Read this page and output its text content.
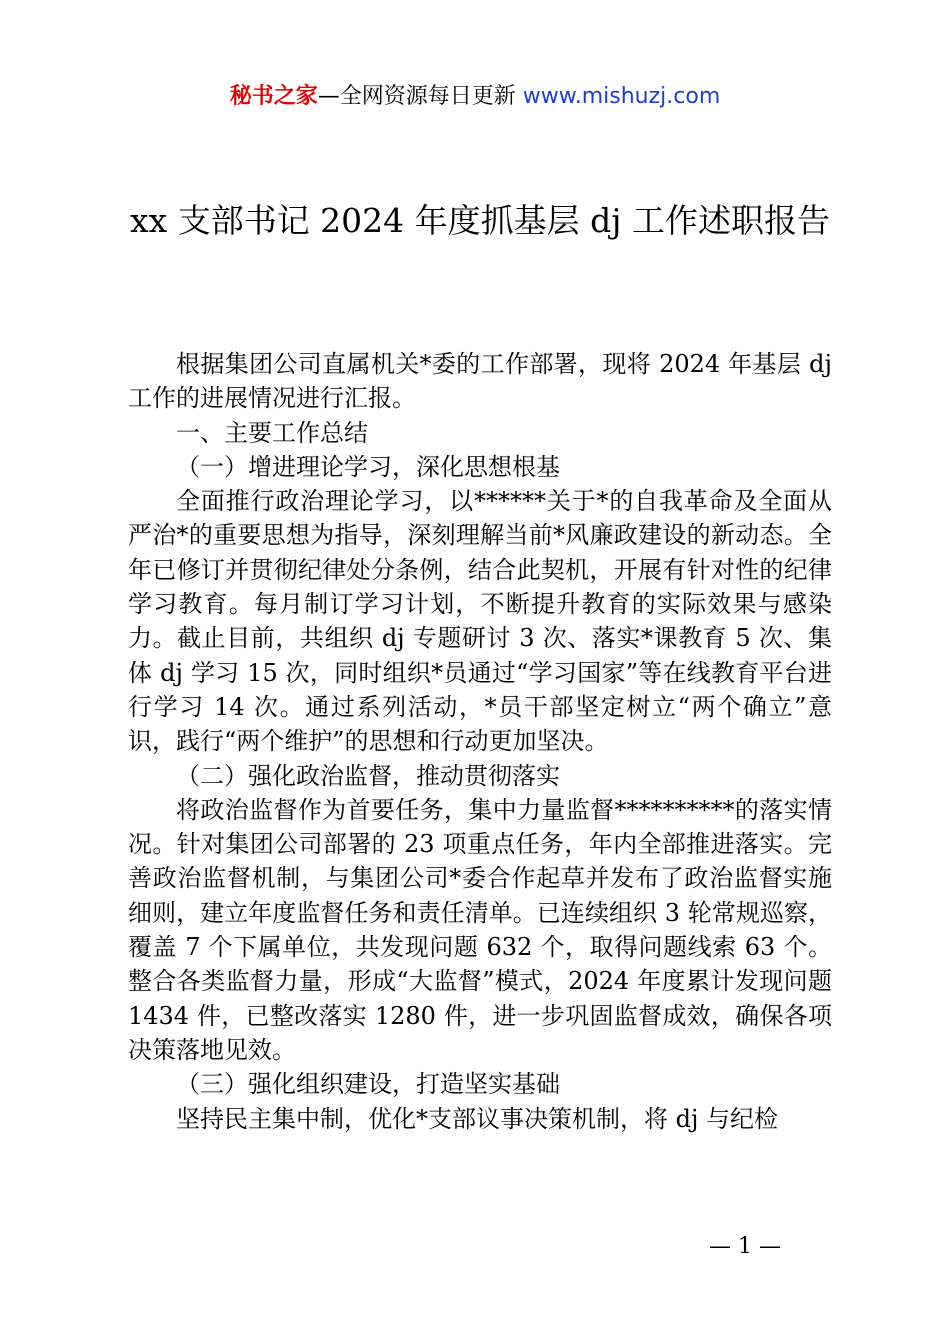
秘书之家—全网资源每日更新 www.mishuzj.com
xx 支部书记 2024 年度抓基层 dj 工作述职报告

根据集团公司直属机关*委的工作部署，现将 2024 年基层 dj 工作的进展情况进行汇报。

一、主要工作总结

（一）增进理论学习，深化思想根基

全面推行政治理论学习，以******关于*的自我革命及全面从严治*的重要思想为指导，深刻理解当前*风廉政建设的新动态。全年已修订并贯彻纪律处分条例，结合此契机，开展有针对性的纪律学习教育。每月制订学习计划，不断提升教育的实际效果与感染力。截止目前，共组织 dj 专题研讨 3 次、落实*课教育 5 次、集体 dj 学习 15 次，同时组织*员通过“学习国家”等在线教育平台进行学习 14 次。通过系列活动，*员干部坚定树立“两个确立”意识，践行“两个维护”的思想和行动更加坚决。

（二）强化政治监督，推动贯彻落实

将政治监督作为首要任务，集中力量监督**********的落实情况。针对集团公司部署的 23 项重点任务，年内全部推进落实。完善政治监督机制，与集团公司*委合作起草并发布了政治监督实施细则，建立年度监督任务和责任清单。已连续组织 3 轮常规巡察，覆盖 7 个下属单位，共发现问题 632 个，取得问题线索 63 个。整合各类监督力量，形成“大监督”模式，2024 年度累计发现问题 1434 件，已整改落实 1280 件，进一步巩固监督成效，确保各项决策落地见效。

（三）强化组织建设，打造坚实基础

坚持民主集中制，优化*支部议事决策机制，将 dj 与纪检

— 1 —
